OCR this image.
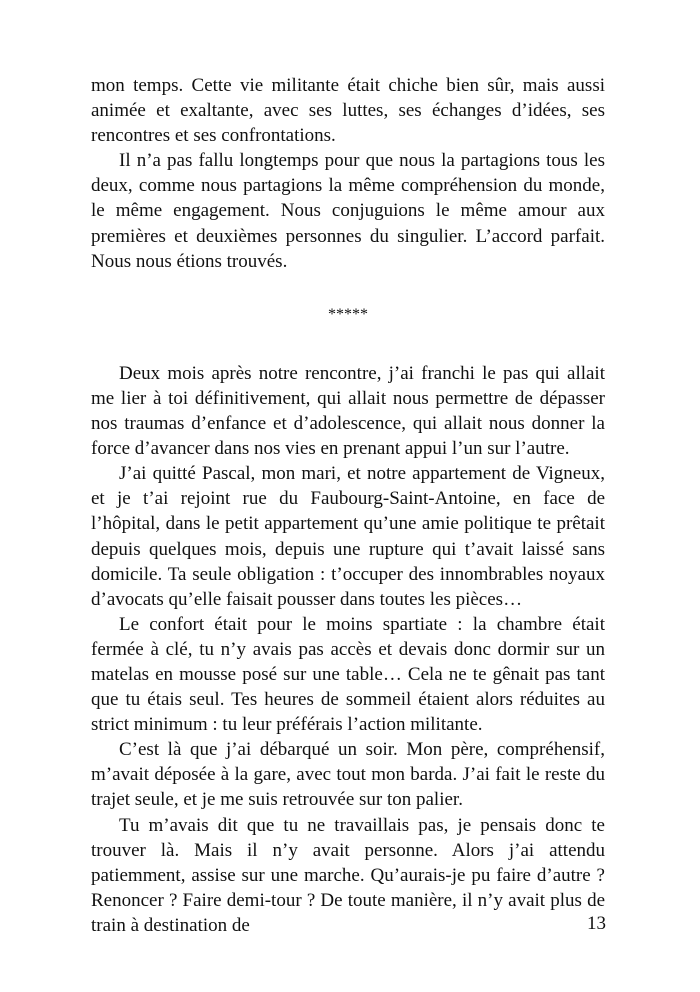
mon temps. Cette vie militante était chiche bien sûr, mais aussi animée et exaltante, avec ses luttes, ses échanges d’idées, ses rencontres et ses confrontations.

Il n’a pas fallu longtemps pour que nous la partagions tous les deux, comme nous partagions la même compréhension du monde, le même engagement. Nous conjuguions le même amour aux premières et deuxièmes personnes du singulier. L’accord parfait. Nous nous étions trouvés.

*****

Deux mois après notre rencontre, j’ai franchi le pas qui allait me lier à toi définitivement, qui allait nous permettre de dépasser nos traumas d’enfance et d’adolescence, qui allait nous donner la force d’avancer dans nos vies en prenant appui l’un sur l’autre.

J’ai quitté Pascal, mon mari, et notre appartement de Vigneux, et je t’ai rejoint rue du Faubourg-Saint-Antoine, en face de l’hôpital, dans le petit appartement qu’une amie politique te prêtait depuis quelques mois, depuis une rupture qui t’avait laissé sans domicile. Ta seule obligation : t’occuper des innombrables noyaux d’avocats qu’elle faisait pousser dans toutes les pièces…

Le confort était pour le moins spartiate : la chambre était fermée à clé, tu n’y avais pas accès et devais donc dormir sur un matelas en mousse posé sur une table… Cela ne te gênait pas tant que tu étais seul. Tes heures de sommeil étaient alors réduites au strict minimum : tu leur préférais l’action militante.

C’est là que j’ai débarqué un soir. Mon père, compréhensif, m’avait déposée à la gare, avec tout mon barda. J’ai fait le reste du trajet seule, et je me suis retrouvée sur ton palier.

Tu m’avais dit que tu ne travaillais pas, je pensais donc te trouver là. Mais il n’y avait personne. Alors j’ai attendu patiemment, assise sur une marche. Qu’aurais-je pu faire d’autre ? Renoncer ? Faire demi-tour ? De toute manière, il n’y avait plus de train à destination de	13
